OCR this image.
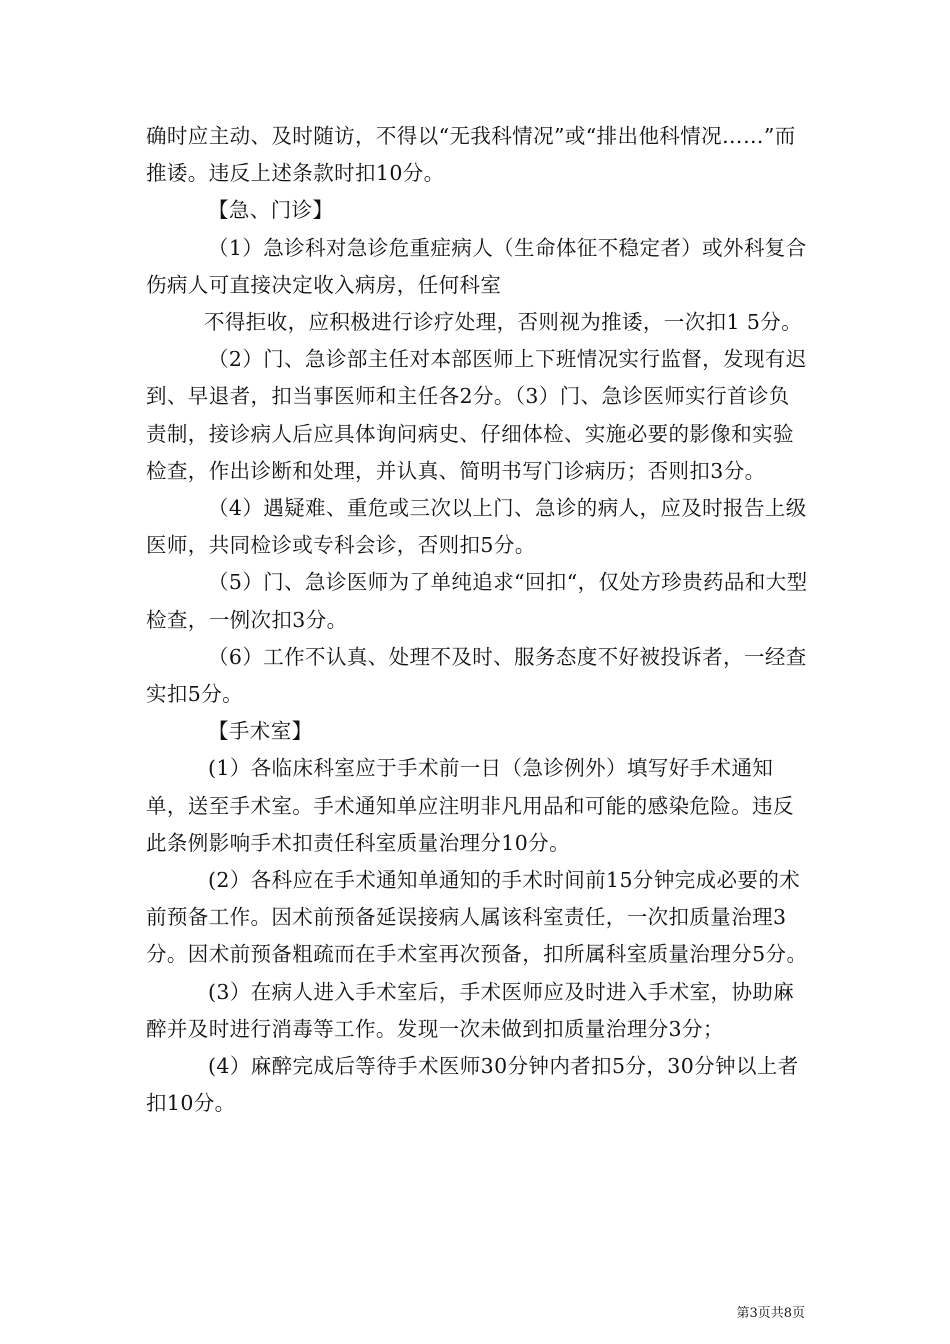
确时应主动、及时随访，不得以“无我科情况”或“排出他科情况……”而推诿。违反上述条款时扣10分。

【急、门诊】

（1）急诊科对急诊危重症病人（生命体征不稳定者）或外科复合伤病人可直接决定收入病房，任何科室

不得拒收，应积极进行诊疗处理，否则视为推诿，一次扣1 5分。

（2）门、急诊部主任对本部医师上下班情况实行监督，发现有迟到、早退者，扣当事医师和主任各2分。（3）门、急诊医师实行首诊负责制，接诊病人后应具体询问病史、仔细体检、实施必要的影像和实验检查，作出诊断和处理，并认真、简明书写门诊病历；否则扣3分。

（4）遇疑难、重危或三次以上门、急诊的病人，应及时报告上级医师，共同检诊或专科会诊，否则扣5分。

（5）门、急诊医师为了单纯追求“回扣“，仅处方珍贵药品和大型检查，一例次扣3分。

（6）工作不认真、处理不及时、服务态度不好被投诉者，一经查实扣5分。

【手术室】

(1）各临床科室应于手术前一日（急诊例外）填写好手术通知单，送至手术室。手术通知单应注明非凡用品和可能的感染危险。违反此条例影响手术扣责任科室质量治理分10分。

(2）各科应在手术通知单通知的手术时间前15分钟完成必要的术前预备工作。因术前预备延误接病人属该科室责任，一次扣质量治理3分。因术前预备粗疏而在手术室再次预备，扣所属科室质量治理分5分。

(3）在病人进入手术室后，手术医师应及时进入手术室，协助麻醉并及时进行消毒等工作。发现一次未做到扣质量治理分3分；

(4）麻醉完成后等待手术医师30分钟内者扣5分，30分钟以上者扣10分。

第3页共8页
